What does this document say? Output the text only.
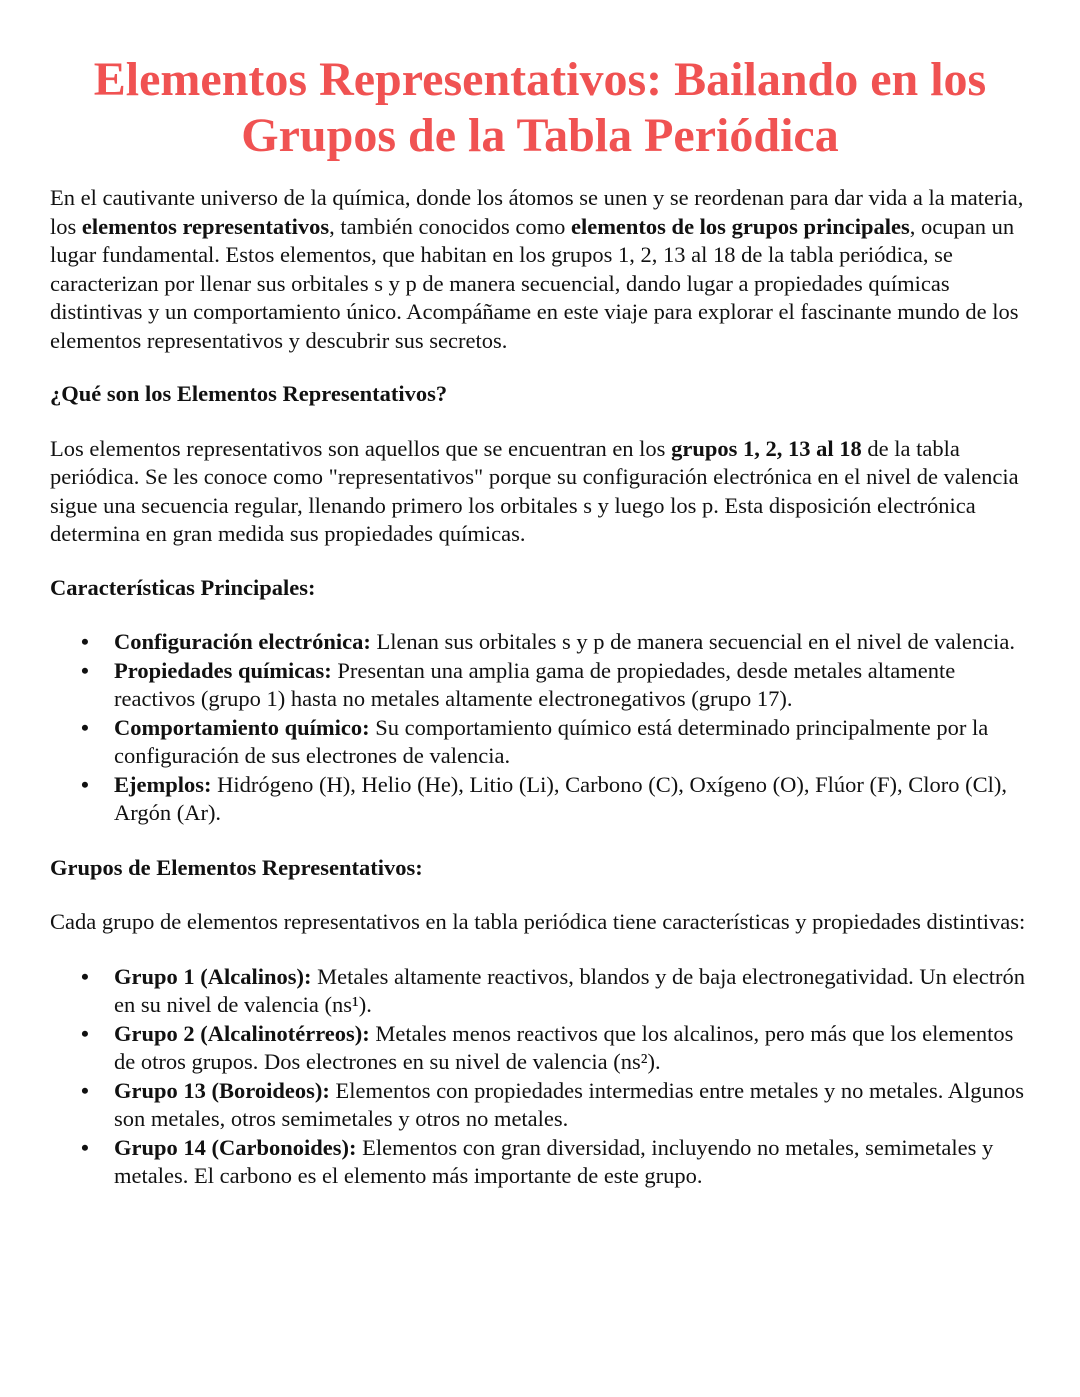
Elementos Representativos: Bailando en los Grupos de la Tabla Periódica

En el cautivante universo de la química, donde los átomos se unen y se reordenan para dar vida a la materia, los elementos representativos, también conocidos como elementos de los grupos principales, ocupan un lugar fundamental. Estos elementos, que habitan en los grupos 1, 2, 13 al 18 de la tabla periódica, se caracterizan por llenar sus orbitales s y p de manera secuencial, dando lugar a propiedades químicas distintivas y un comportamiento único. Acompáñame en este viaje para explorar el fascinante mundo de los elementos representativos y descubrir sus secretos.

¿Qué son los Elementos Representativos?

Los elementos representativos son aquellos que se encuentran en los grupos 1, 2, 13 al 18 de la tabla periódica. Se les conoce como "representativos" porque su configuración electrónica en el nivel de valencia sigue una secuencia regular, llenando primero los orbitales s y luego los p. Esta disposición electrónica determina en gran medida sus propiedades químicas.

Características Principales:
• Configuración electrónica: Llenan sus orbitales s y p de manera secuencial en el nivel de valencia.
• Propiedades químicas: Presentan una amplia gama de propiedades, desde metales altamente reactivos (grupo 1) hasta no metales altamente electronegativos (grupo 17).
• Comportamiento químico: Su comportamiento químico está determinado principalmente por la configuración de sus electrones de valencia.
• Ejemplos: Hidrógeno (H), Helio (He), Litio (Li), Carbono (C), Oxígeno (O), Flúor (F), Cloro (Cl), Argón (Ar).
Grupos de Elementos Representativos:

Cada grupo de elementos representativos en la tabla periódica tiene características y propiedades distintivas:

• Grupo 1 (Alcalinos): Metales altamente reactivos, blandos y de baja electronegatividad. Un electrón en su nivel de valencia (ns¹).
• Grupo 2 (Alcalinotérreos): Metales menos reactivos que los alcalinos, pero más que los elementos de otros grupos. Dos electrones en su nivel de valencia (ns²).
• Grupo 13 (Boroideos): Elementos con propiedades intermedias entre metales y no metales. Algunos son metales, otros semimetales y otros no metales.
• Grupo 14 (Carbonoides): Elementos con gran diversidad, incluyendo no metales, semimetales y metales. El carbono es el elemento más importante de este grupo.
